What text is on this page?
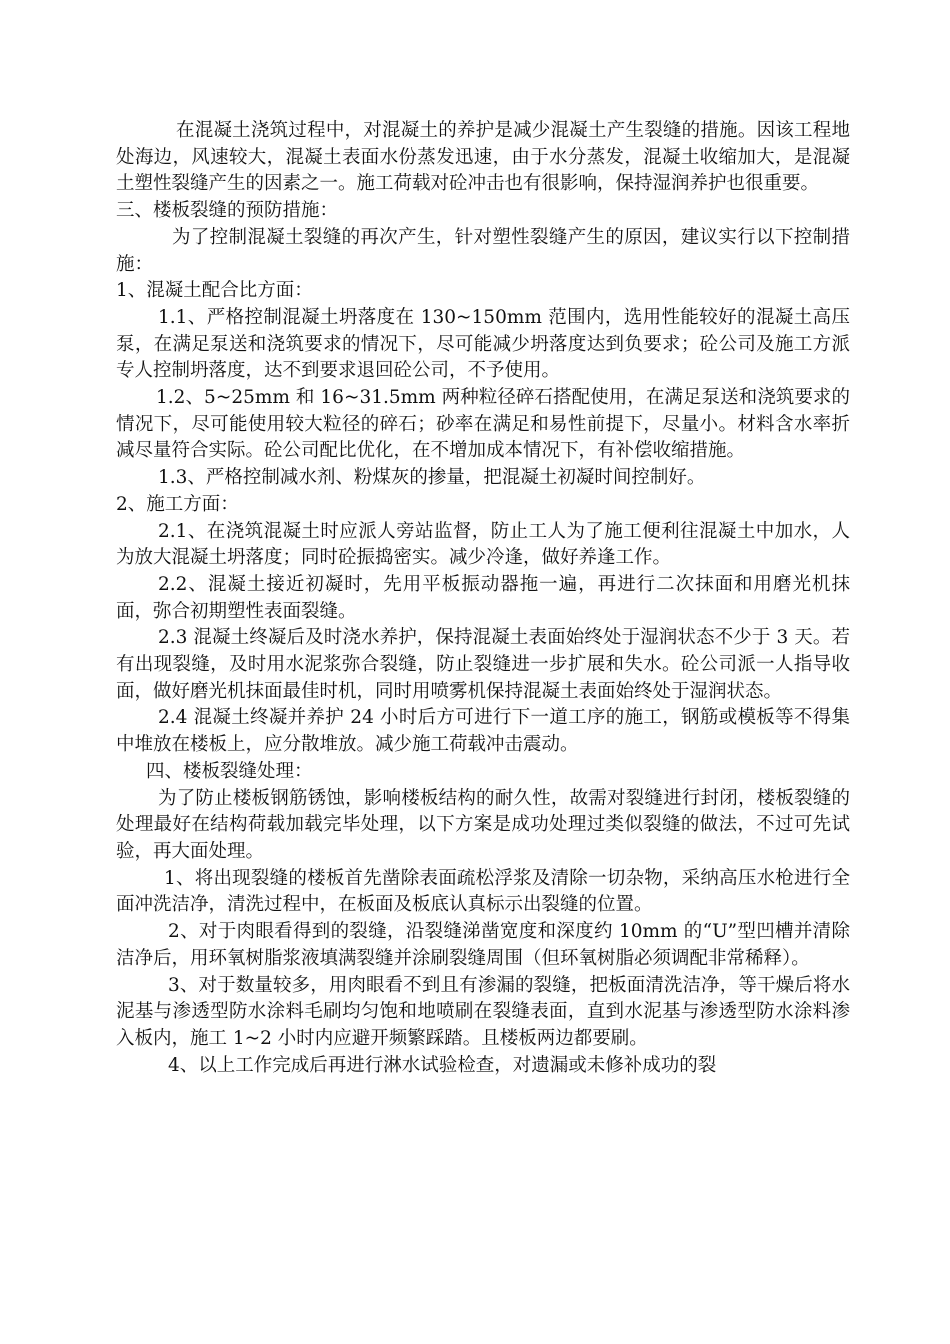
在混凝土浇筑过程中，对混凝土的养护是减少混凝土产生裂缝的措施。因该工程地处海边，风速较大，混凝土表面水份蒸发迅速，由于水分蒸发，混凝土收缩加大，是混凝土塑性裂缝产生的因素之一。施工荷载对砼冲击也有很影响，保持湿润养护也很重要。

三、楼板裂缝的预防措施：

为了控制混凝土裂缝的再次产生，针对塑性裂缝产生的原因，建议实行以下控制措施：

1、混凝土配合比方面：

1.1、严格控制混凝土坍落度在 130~150mm 范围内，选用性能较好的混凝土高压泵，在满足泵送和浇筑要求的情况下，尽可能减少坍落度达到负要求；砼公司及施工方派专人控制坍落度，达不到要求退回砼公司，不予使用。

1.2、5~25mm 和 16~31.5mm 两种粒径碎石搭配使用，在满足泵送和浇筑要求的情况下，尽可能使用较大粒径的碎石；砂率在满足和易性前提下，尽量小。材料含水率折减尽量符合实际。砼公司配比优化，在不增加成本情况下，有补偿收缩措施。

1.3、严格控制减水剂、粉煤灰的掺量，把混凝土初凝时间控制好。

2、施工方面：

2.1、在浇筑混凝土时应派人旁站监督，防止工人为了施工便利往混凝土中加水，人为放大混凝土坍落度；同时砼振捣密实。减少冷逢，做好养逢工作。

2.2、混凝土接近初凝时，先用平板振动器拖一遍，再进行二次抹面和用磨光机抹面，弥合初期塑性表面裂缝。

2.3 混凝土终凝后及时浇水养护，保持混凝土表面始终处于湿润状态不少于 3 天。若有出现裂缝，及时用水泥浆弥合裂缝，防止裂缝进一步扩展和失水。砼公司派一人指导收面，做好磨光机抹面最佳时机，同时用喷雾机保持混凝土表面始终处于湿润状态。

2.4 混凝土终凝并养护 24 小时后方可进行下一道工序的施工，钢筋或模板等不得集中堆放在楼板上，应分散堆放。减少施工荷载冲击震动。

四、楼板裂缝处理：

为了防止楼板钢筋锈蚀，影响楼板结构的耐久性，故需对裂缝进行封闭，楼板裂缝的处理最好在结构荷载加载完毕处理，以下方案是成功处理过类似裂缝的做法，不过可先试验，再大面处理。

1、将出现裂缝的楼板首先凿除表面疏松浮浆及清除一切杂物，采纳高压水枪进行全面冲洗洁净，清洗过程中，在板面及板底认真标示出裂缝的位置。

2、对于肉眼看得到的裂缝，沿裂缝涕凿宽度和深度约 10mm 的“U”型凹槽并清除洁净后，用环氧树脂浆液填满裂缝并涂刷裂缝周围（但环氧树脂必须调配非常稀释）。

3、对于数量较多，用肉眼看不到且有渗漏的裂缝，把板面清洗洁净，等干燥后将水泥基与渗透型防水涂料毛刷均匀饱和地喷刷在裂缝表面，直到水泥基与渗透型防水涂料渗入板内，施工 1~2 小时内应避开频繁踩踏。且楼板两边都要刷。

4、以上工作完成后再进行淋水试验检查，对遗漏或未修补成功的裂
